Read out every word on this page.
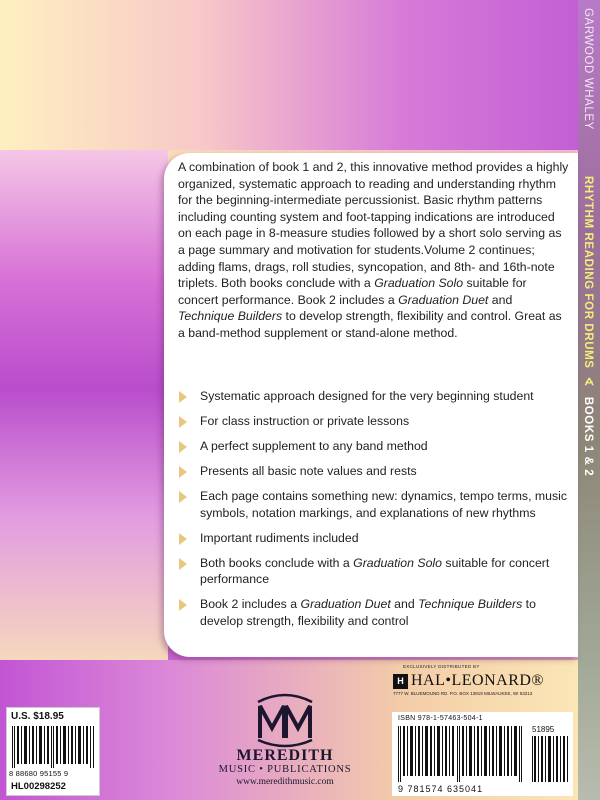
GARWOOD WHALEYRHYTHM READING FOR DRUMS∢BOOKS 1 & 2

A combination of book 1 and 2, this innovative method provides a highly organized, systematic approach to reading and understanding rhythm for the beginning-intermediate percussionist. Basic rhythm patterns including counting system and foot-tapping indications are introduced on each page in 8-measure studies followed by a short solo serving as a page summary and motivation for students.Volume 2 continues; adding flams, drags, roll studies, syncopation, and 8th- and 16th-note triplets. Both books conclude with a Graduation Solo suitable for concert performance. Book 2 includes a Graduation Duet and Technique Builders to develop strength, flexibility and control. Great as a band-method supplement or stand-alone method.

Systematic approach designed for the very beginning student
For class instruction or private lessons
A perfect supplement to any band method
Presents all basic note values and rests
Each page contains something new: dynamics, tempo terms, music symbols, notation markings, and explanations of new rhythms
Important rudiments included
Both books conclude with a Graduation Solo suitable for concert performance
Book 2 includes a Graduation Duet and Technique Builders to develop strength, flexibility and control
U.S. $18.95
8 88680 95155 9
HL00298252
MEREDITH
MUSIC • PUBLICATIONS
www.meredithmusic.com
EXCLUSIVELY DISTRIBUTED BY
H HAL•LEONARD®
7777 W. BLUEMOUND RD. P.O. BOX 13819 MILWAUKEE, WI 53213
ISBN 978-1-57463-504-1
9 781574 635041
51895
